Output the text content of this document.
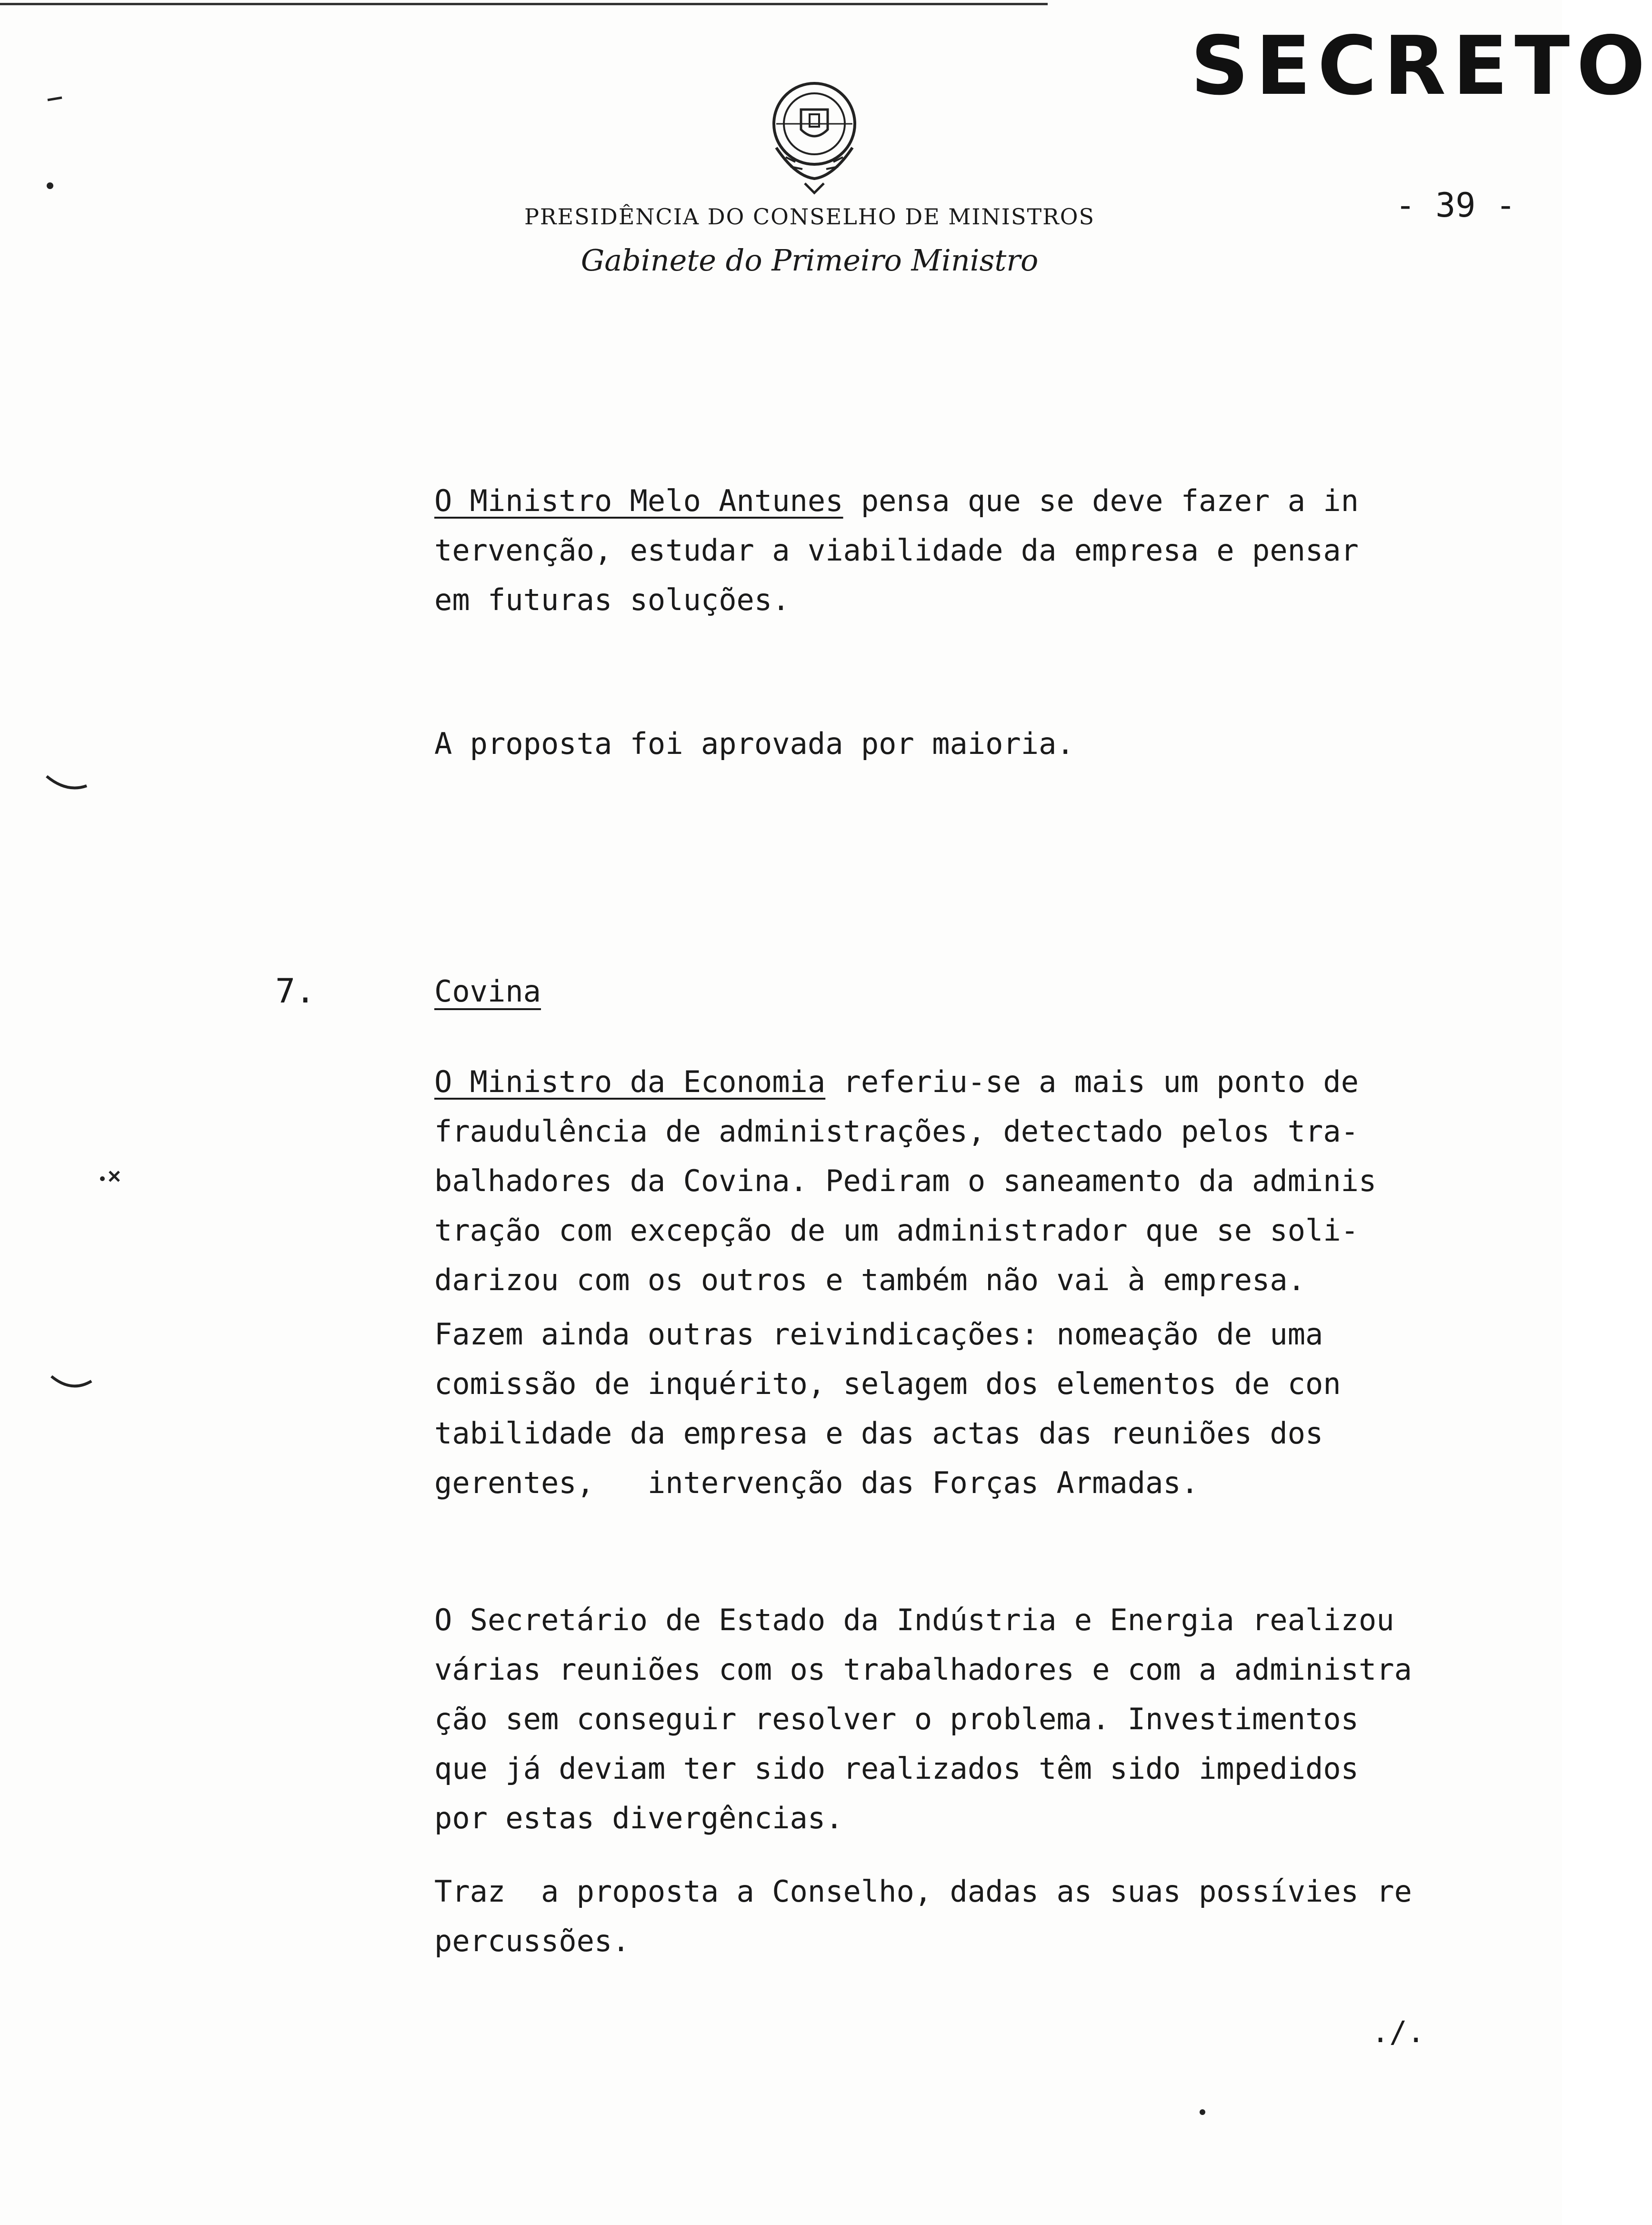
SECRETO
PRESIDÊNCIA DO CONSELHO DE MINISTROS
Gabinete do Primeiro Ministro
- 39 -
O Ministro Melo Antunes pensa que se deve fazer a in
tervenção, estudar a viabilidade da empresa e pensar
em futuras soluções.
A proposta foi aprovada por maioria.
7.	Covina
O Ministro da Economia referiu-se a mais um ponto de
fraudulência de administrações, detectado pelos tra-
balhadores da Covina. Pediram o saneamento da adminis
tração com excepção de um administrador que se soli-
darizou com os outros e também não vai à empresa.
Fazem ainda outras reivindicações: nomeação de uma
comissão de inquérito, selagem dos elementos de con
tabilidade da empresa e das actas das reuniões dos
gerentes,   intervenção das Forças Armadas.
O Secretário de Estado da Indústria e Energia realizou
várias reuniões com os trabalhadores e com a administra
ção sem conseguir resolver o problema. Investimentos
que já deviam ter sido realizados têm sido impedidos
por estas divergências.
Traz  a proposta a Conselho, dadas as suas possívies re
percussões.
./.
